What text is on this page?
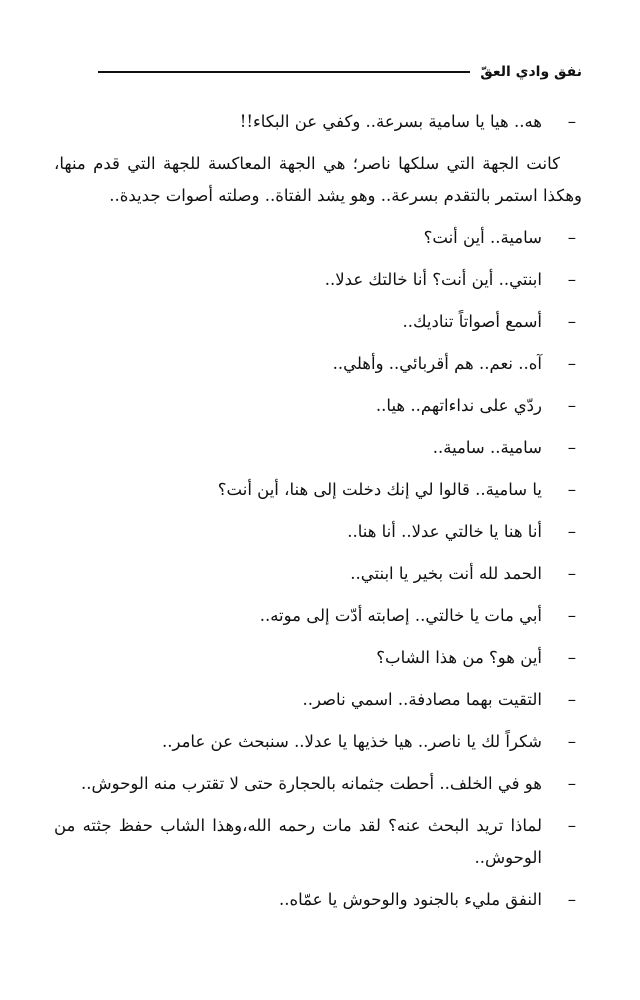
نفق وادي العقّ
–
هه.. هيا يا سامية بسرعة.. وكفي عن البكاء!!

كانت الجهة التي سلكها ناصر؛ هي الجهة المعاكسة للجهة التي قدم منها، وهكذا استمر بالتقدم بسرعة.. وهو يشد الفتاة.. وصلته أصوات جديدة..

–
سامية.. أين أنت؟
–
ابنتي.. أين أنت؟ أنا خالتك عدلا..
–
أسمع أصواتاً تناديك..
–
آه.. نعم.. هم أقربائي.. وأهلي..
–
ردّي على نداءاتهم.. هيا..
–
سامية.. سامية..
–
يا سامية.. قالوا لي إنك دخلت إلى هنا، أين أنت؟
–
أنا هنا يا خالتي عدلا.. أنا هنا..
–
الحمد لله أنت بخير يا ابنتي..
–
أبي مات يا خالتي.. إصابته أدّت إلى موته..
–
أين هو؟ من هذا الشاب؟
–
التقيت بهما مصادفة.. اسمي ناصر..
–
شكراً لك يا ناصر.. هيا خذيها يا عدلا.. سنبحث عن عامر..
–
هو في الخلف.. أحطت جثمانه بالحجارة حتى لا تقترب منه الوحوش..
–
لماذا تريد البحث عنه؟ لقد مات رحمه الله،وهذا الشاب حفظ جثته من الوحوش..
–
النفق مليء بالجنود والوحوش يا عمّاه..
